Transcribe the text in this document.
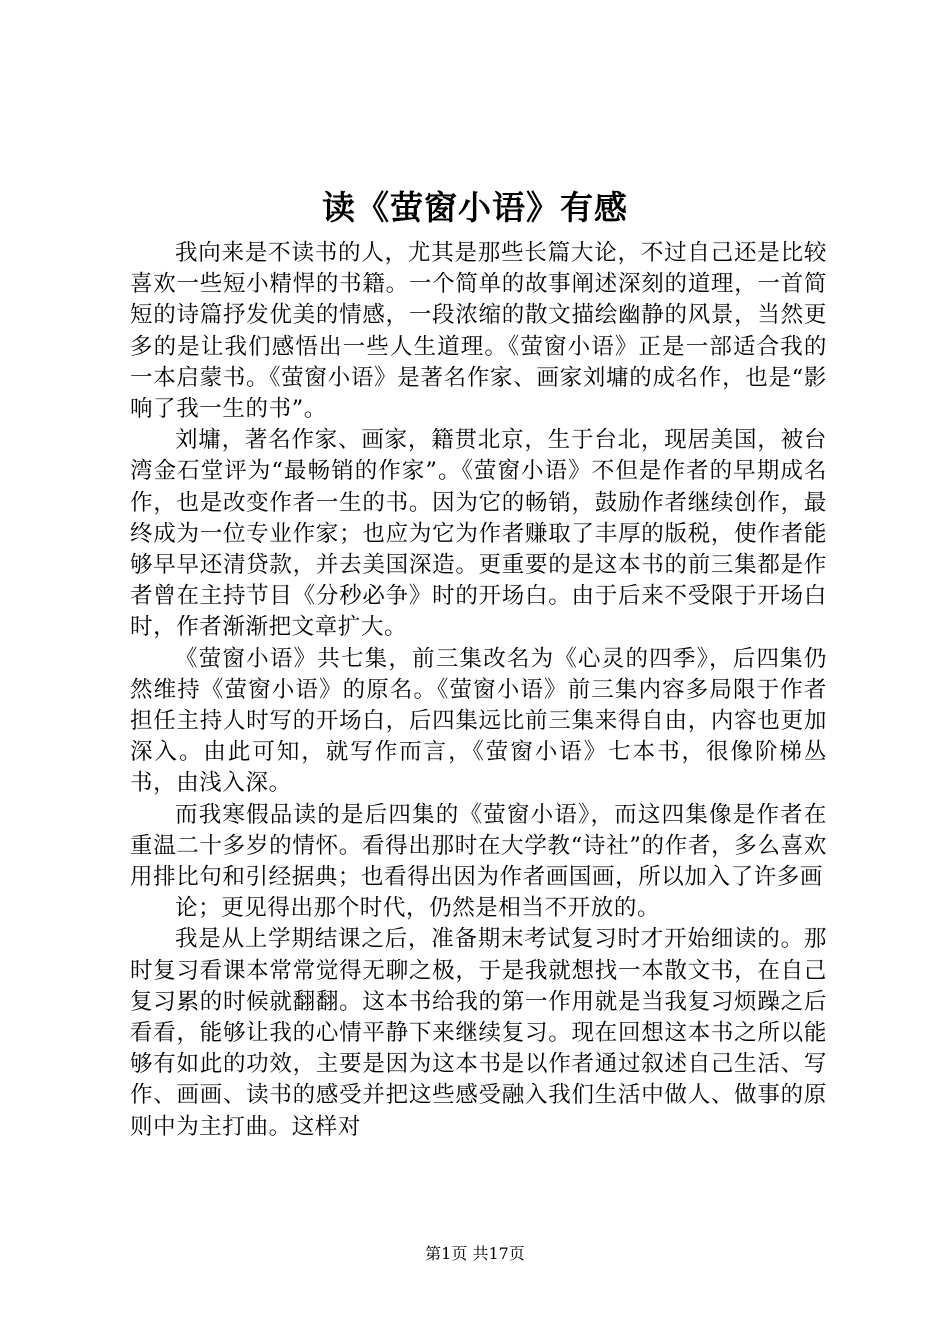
读《萤窗小语》有感

我向来是不读书的人，尤其是那些长篇大论，不过自己还是比较喜欢一些短小精悍的书籍。一个简单的故事阐述深刻的道理，一首简短的诗篇抒发优美的情感，一段浓缩的散文描绘幽静的风景，当然更多的是让我们感悟出一些人生道理。《萤窗小语》正是一部适合我的一本启蒙书。《萤窗小语》是著名作家、画家刘墉的成名作，也是“影响了我一生的书”。

刘墉，著名作家、画家，籍贯北京，生于台北，现居美国，被台湾金石堂评为“最畅销的作家”。《萤窗小语》不但是作者的早期成名作，也是改变作者一生的书。因为它的畅销，鼓励作者继续创作，最终成为一位专业作家；也应为它为作者赚取了丰厚的版税，使作者能够早早还清贷款，并去美国深造。更重要的是这本书的前三集都是作者曾在主持节目《分秒必争》时的开场白。由于后来不受限于开场白时，作者渐渐把文章扩大。

《萤窗小语》共七集，前三集改名为《心灵的四季》，后四集仍然维持《萤窗小语》的原名。《萤窗小语》前三集内容多局限于作者担任主持人时写的开场白，后四集远比前三集来得自由，内容也更加深入。由此可知，就写作而言，《萤窗小语》七本书，很像阶梯丛书，由浅入深。

而我寒假品读的是后四集的《萤窗小语》，而这四集像是作者在重温二十多岁的情怀。看得出那时在大学教“诗社”的作者，多么喜欢用排比句和引经据典；也看得出因为作者画国画，所以加入了许多画

论；更见得出那个时代，仍然是相当不开放的。

我是从上学期结课之后，准备期末考试复习时才开始细读的。那时复习看课本常常觉得无聊之极，于是我就想找一本散文书，在自己复习累的时候就翻翻。这本书给我的第一作用就是当我复习烦躁之后看看，能够让我的心情平静下来继续复习。现在回想这本书之所以能够有如此的功效，主要是因为这本书是以作者通过叙述自己生活、写作、画画、读书的感受并把这些感受融入我们生活中做人、做事的原则中为主打曲。这样对

第1页 共17页
